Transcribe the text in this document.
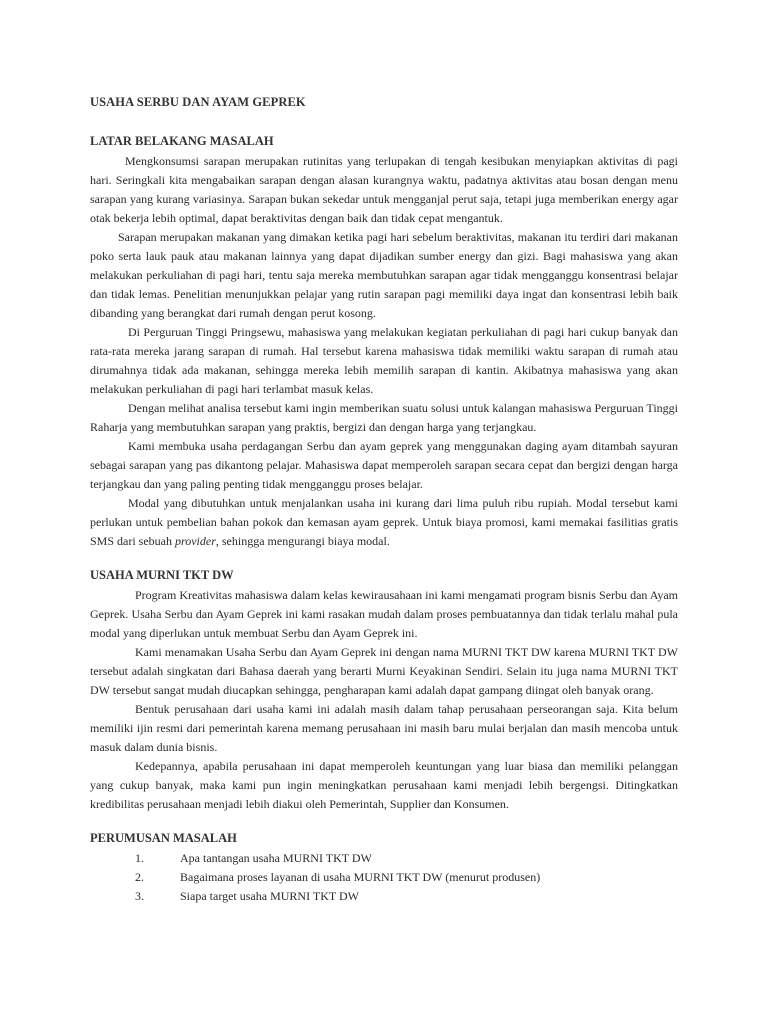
USAHA SERBU DAN AYAM GEPREK
LATAR BELAKANG MASALAH

Mengkonsumsi sarapan merupakan rutinitas yang terlupakan di tengah kesibukan menyiapkan aktivitas di pagi hari. Seringkali kita mengabaikan sarapan dengan alasan kurangnya waktu, padatnya aktivitas atau bosan dengan menu sarapan yang kurang variasinya. Sarapan bukan sekedar untuk mengganjal perut saja, tetapi juga memberikan energy agar otak bekerja lebih optimal, dapat beraktivitas dengan baik dan tidak cepat mengantuk.

Sarapan merupakan makanan yang dimakan ketika pagi hari sebelum beraktivitas, makanan itu terdiri dari makanan poko serta lauk pauk atau makanan lainnya yang dapat dijadikan sumber energy dan gizi. Bagi mahasiswa yang akan melakukan perkuliahan di pagi hari, tentu saja mereka membutuhkan sarapan agar tidak mengganggu konsentrasi belajar dan tidak lemas. Penelitian menunjukkan pelajar yang rutin sarapan pagi memiliki daya ingat dan konsentrasi lebih baik dibanding yang berangkat dari rumah dengan perut kosong.

Di Perguruan Tinggi Pringsewu, mahasiswa yang melakukan kegiatan perkuliahan di pagi hari cukup banyak dan rata-rata mereka jarang sarapan di rumah. Hal tersebut karena mahasiswa tidak memiliki waktu sarapan di rumah atau dirumahnya tidak ada makanan, sehingga mereka lebih memilih sarapan di kantin. Akibatnya mahasiswa yang akan melakukan perkuliahan di pagi hari terlambat masuk kelas.

Dengan melihat analisa tersebut kami ingin memberikan suatu solusi untuk kalangan mahasiswa Perguruan Tinggi Raharja yang membutuhkan sarapan yang praktis, bergizi dan dengan harga yang terjangkau.

Kami membuka usaha perdagangan Serbu dan ayam geprek yang menggunakan daging ayam ditambah sayuran sebagai sarapan yang pas dikantong pelajar. Mahasiswa dapat memperoleh sarapan secara cepat dan bergizi dengan harga terjangkau dan yang paling penting tidak mengganggu proses belajar.

Modal yang dibutuhkan untuk menjalankan usaha ini kurang dari lima puluh ribu rupiah. Modal tersebut kami perlukan untuk pembelian bahan pokok dan kemasan ayam geprek. Untuk biaya promosi, kami memakai fasilitias gratis SMS dari sebuah provider, sehingga mengurangi biaya modal.

USAHA MURNI TKT DW

Program Kreativitas mahasiswa dalam kelas kewirausahaan ini kami mengamati program bisnis Serbu dan Ayam Geprek. Usaha Serbu dan Ayam Geprek ini kami rasakan mudah dalam proses pembuatannya dan tidak terlalu mahal pula modal yang diperlukan untuk membuat Serbu dan Ayam Geprek ini.

Kami menamakan Usaha Serbu dan Ayam Geprek ini dengan nama MURNI TKT DW karena MURNI TKT DW tersebut adalah singkatan dari Bahasa daerah yang berarti Murni Keyakinan Sendiri. Selain itu juga nama MURNI TKT DW tersebut sangat mudah diucapkan sehingga, pengharapan kami adalah dapat gampang diingat oleh banyak orang.

Bentuk perusahaan dari usaha kami ini adalah masih dalam tahap perusahaan perseorangan saja. Kita belum memiliki ijin resmi dari pemerintah karena memang perusahaan ini masih baru mulai berjalan dan masih mencoba untuk masuk dalam dunia bisnis.

Kedepannya, apabila perusahaan ini dapat memperoleh keuntungan yang luar biasa dan memiliki pelanggan yang cukup banyak, maka kami pun ingin meningkatkan perusahaan kami menjadi lebih bergengsi. Ditingkatkan kredibilitas perusahaan menjadi lebih diakui oleh Pemerintah, Supplier dan Konsumen.

PERUMUSAN MASALAH
1.	Apa tantangan usaha MURNI TKT DW
2.	Bagaimana proses layanan di usaha MURNI TKT DW (menurut produsen)
3.	Siapa target usaha MURNI TKT DW
